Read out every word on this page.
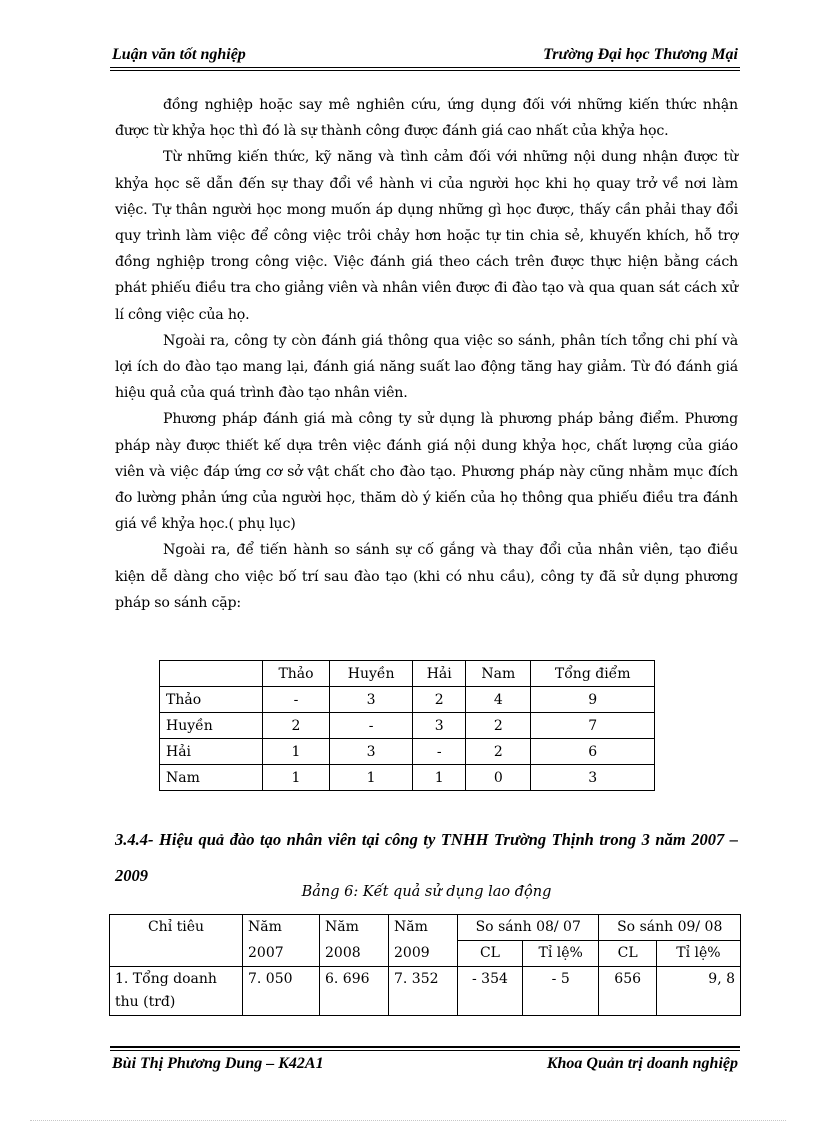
Luận văn tốt nghiệp	Trường Đại học Thương Mại

đồng nghiệp hoặc say mê nghiên cứu, ứng dụng đối với những kiến thức nhận được từ khỷa học thì đó là sự thành công được đánh giá cao nhất của khỷa học.

Từ những kiến thức, kỹ năng và tình cảm đối với những nội dung nhận được từ khỷa học sẽ dẫn đến sự thay đổi về hành vi của người học khi họ quay trở về nơi làm việc. Tự thân người học mong muốn áp dụng những gì học được, thấy cần phải thay đổi quy trình làm việc để công việc trôi chảy hơn hoặc tự tin chia sẻ, khuyến khích, hỗ trợ đồng nghiệp trong công việc. Việc đánh giá theo cách trên được thực hiện bằng cách phát phiếu điều tra cho giảng viên và nhân viên được đi đào tạo và qua quan sát cách xử lí công việc của họ.

Ngoài ra, công ty còn đánh giá thông qua việc so sánh, phân tích tổng chi phí và lợi ích do đào tạo mang lại, đánh giá năng suất lao động tăng hay giảm. Từ đó đánh giá hiệu quả của quá trình đào tạo nhân viên.

Phương pháp đánh giá mà công ty sử dụng là phương pháp bảng điểm. Phương pháp này được thiết kế dựa trên việc đánh giá nội dung khỷa học, chất lượng của giáo viên và việc đáp ứng cơ sở vật chất cho đào tạo. Phương pháp này cũng nhằm mục đích đo lường phản ứng của người học, thăm dò ý kiến của họ thông qua phiếu điều tra đánh giá về khỷa học.( phụ lục)

Ngoài ra, để tiến hành so sánh sự cố gắng và thay đổi của nhân viên, tạo điều kiện dễ dàng cho việc bố trí sau đào tạo (khi có nhu cầu), công ty đã sử dụng phương pháp so sánh cặp:

	Thảo	Huyền	Hải	Nam	Tổng điểm
Thảo	-	3	2	4	9
Huyền	2	-	3	2	7
Hải	1	3	-	2	6
Nam	1	1	1	0	3
3.4.4- Hiệu quả đào tạo nhân viên tại công ty TNHH Trường Thịnh trong 3 năm 2007 – 2009
Bảng 6: Kết quả sử dụng lao động
Chỉ tiêu	Năm	Năm	Năm	So sánh 08/ 07		So sánh 09/ 08	
	2007	2008	2009	CL	Tỉ lệ%	CL	Tỉ lệ%
1. Tổng doanh thu (trđ)	7. 050	6. 696	7. 352	- 354	- 5	656	9, 8
Bùi Thị Phương Dung – K42A1	Khoa Quản trị doanh nghiệp
